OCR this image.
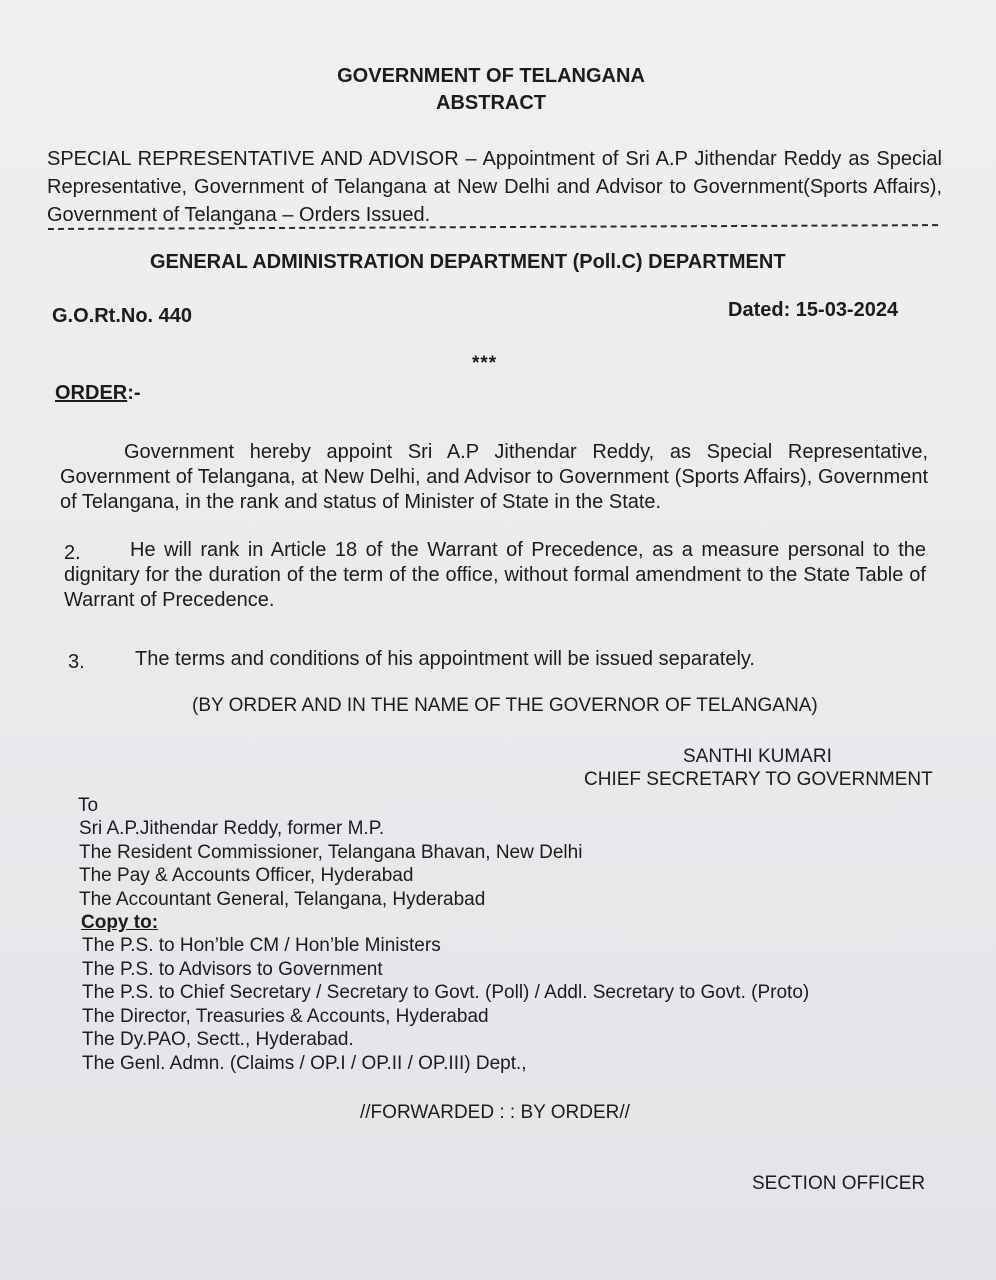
GOVERNMENT OF TELANGANA
ABSTRACT

SPECIAL REPRESENTATIVE AND ADVISOR – Appointment of Sri A.P Jithendar Reddy as Special Representative, Government of Telangana at New Delhi and Advisor to Government(Sports Affairs), Government of Telangana – Orders Issued.

GENERAL ADMINISTRATION DEPARTMENT (Poll.C) DEPARTMENT
G.O.Rt.No. 440	Dated: 15-03-2024
***
ORDER:-

Government hereby appoint Sri A.P Jithendar Reddy, as Special Representative, Government of Telangana, at New Delhi, and Advisor to Government (Sports Affairs), Government of Telangana, in the rank and status of Minister of State in the State.

2.	He will rank in Article 18 of the Warrant of Precedence, as a measure personal to the dignitary for the duration of the term of the office, without formal amendment to the State Table of Warrant of Precedence.

3.	The terms and conditions of his appointment will be issued separately.
(BY ORDER AND IN THE NAME OF THE GOVERNOR OF TELANGANA)
SANTHI KUMARI
CHIEF SECRETARY TO GOVERNMENT
To
Sri A.P.Jithendar Reddy, former M.P.
The Resident Commissioner, Telangana Bhavan, New Delhi
The Pay & Accounts Officer, Hyderabad
The Accountant General, Telangana, Hyderabad
Copy to:
The P.S. to Hon’ble CM / Hon’ble Ministers
The P.S. to Advisors to Government
The P.S. to Chief Secretary / Secretary to Govt. (Poll) / Addl. Secretary to Govt. (Proto)
The Director, Treasuries & Accounts, Hyderabad
The Dy.PAO, Sectt., Hyderabad.
The Genl. Admn. (Claims / OP.I / OP.II / OP.III) Dept.,
//FORWARDED : : BY ORDER//
SECTION OFFICER
